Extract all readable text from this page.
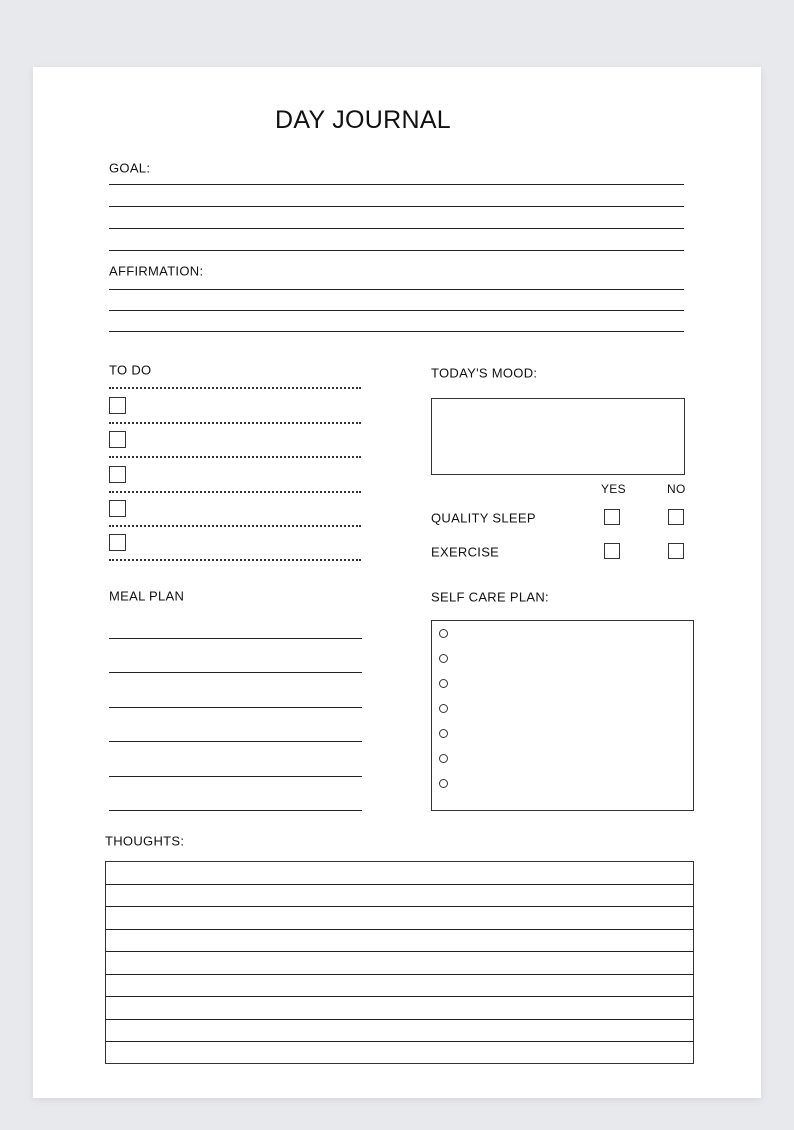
DAY JOURNAL
GOAL:
AFFIRMATION:
TO DO	TODAY'S MOOD:
YES	NO
QUALITY SLEEP
EXERCISE
MEAL PLAN	SELF CARE PLAN:
THOUGHTS:
